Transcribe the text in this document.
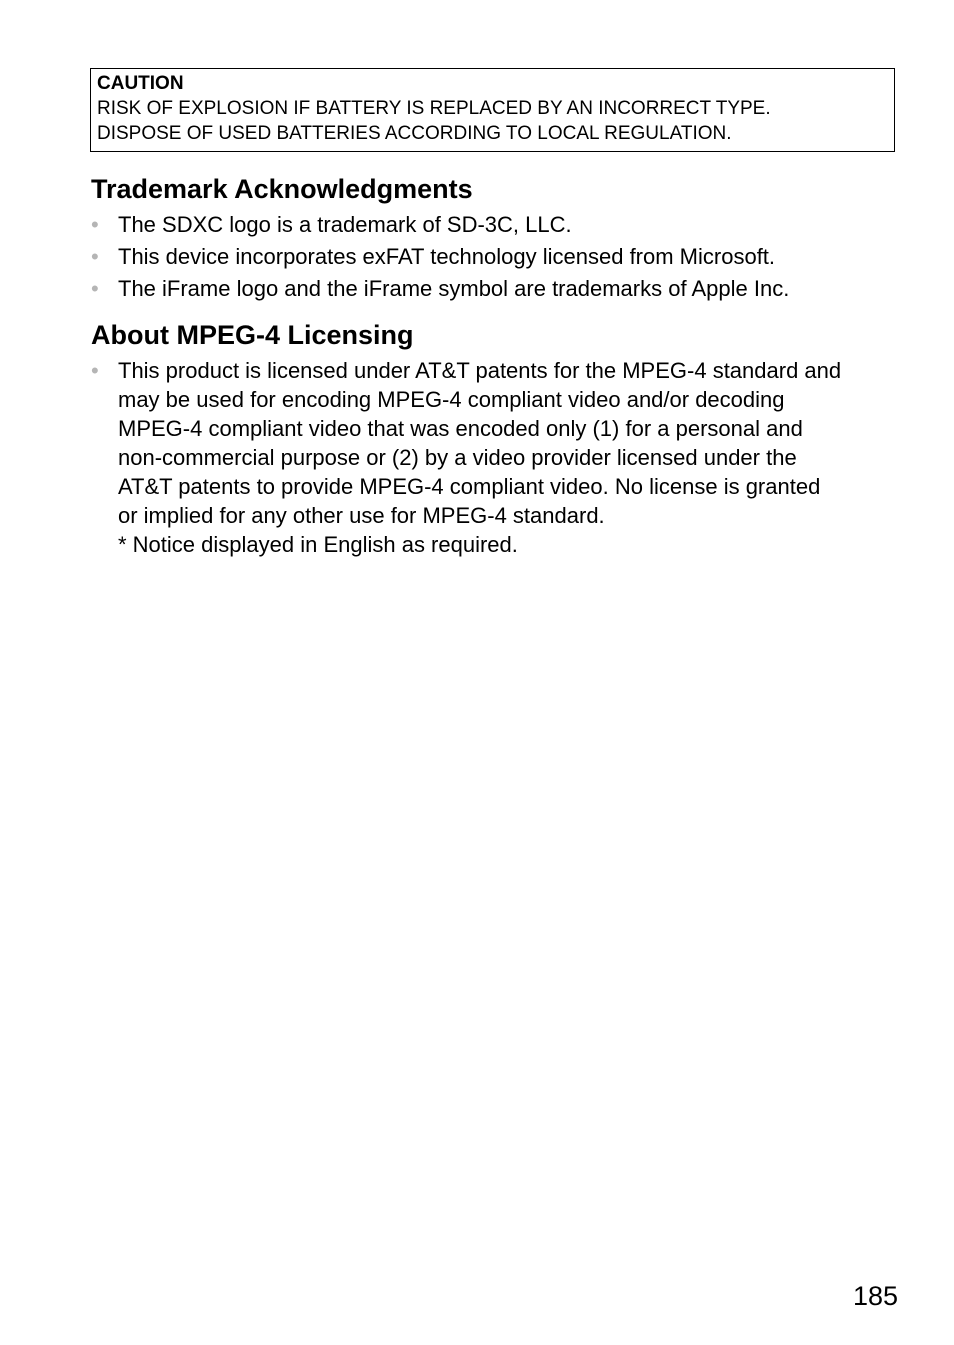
CAUTION
RISK OF EXPLOSION IF BATTERY IS REPLACED BY AN INCORRECT TYPE.
DISPOSE OF USED BATTERIES ACCORDING TO LOCAL REGULATION.
Trademark Acknowledgments
• The SDXC logo is a trademark of SD-3C, LLC.
• This device incorporates exFAT technology licensed from Microsoft.
• The iFrame logo and the iFrame symbol are trademarks of Apple Inc.
About MPEG-4 Licensing
• This product is licensed under AT&T patents for the MPEG-4 standard and
may be used for encoding MPEG-4 compliant video and/or decoding
MPEG-4 compliant video that was encoded only (1) for a personal and
non-commercial purpose or (2) by a video provider licensed under the
AT&T patents to provide MPEG-4 compliant video. No license is granted
or implied for any other use for MPEG-4 standard.
* Notice displayed in English as required.
185
